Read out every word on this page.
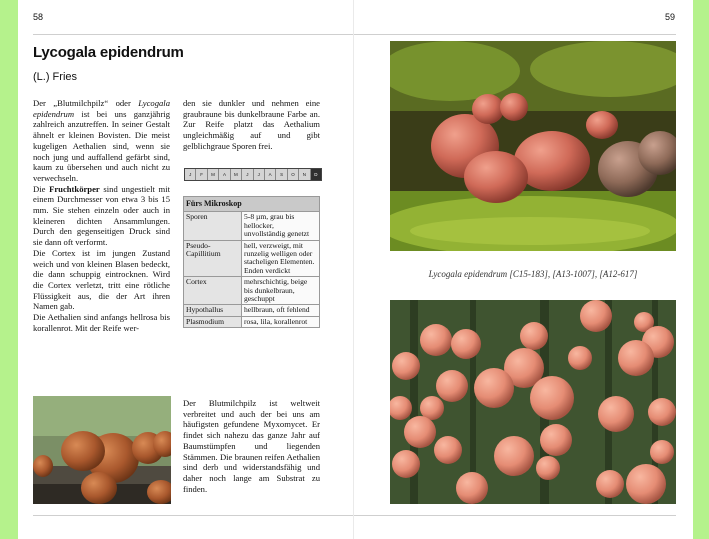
58
Lycogala epidendrum
(L.) Fries

Der „Blutmilchpilz“ oder Lycogala epidendrum ist bei uns ganzjährig zahlreich anzutreffen. In seiner Gestalt ähnelt er kleinen Bovisten. Die meist kugeligen Aethalien sind, wenn sie noch jung und auffallend gefärbt sind, kaum zu übersehen und auch nicht zu verwechseln.

Die Fruchtkörper sind ungestielt mit einem Durchmesser von etwa 3 bis 15 mm. Sie stehen einzeln oder auch in kleineren dichten Ansammlungen. Durch den gegenseitigen Druck sind sie dann oft verformt.

Die Cortex ist im jungen Zustand weich und von kleinen Blasen bedeckt, die dann schuppig eintrocknen. Wird die Cortex verletzt, tritt eine rötliche Flüssigkeit aus, die der Art ihren Namen gab.

Die Aethalien sind anfangs hellrosa bis korallenrot. Mit der Reife wer-

den sie dunkler und nehmen eine graubraune bis dunkelbraune Farbe an. Zur Reife platzt das Aethalium ungleichmäßig auf und gibt gelblichgraue Sporen frei.

J	F	M	A	M	J	J	A	S	O	N	D
Fürs Mikroskop	
Sporen	5-8 µm, grau bis hellocker, unvollständig genetzt
Pseudo-Capillitium	hell, verzweigt, mit runzelig welligen oder stacheligen Elementen. Enden verdickt
Cortex	mehrschichtig, beige bis dunkelbraun, geschuppt
Hypothallus	hellbraun, oft fehlend
Plasmodium	rosa, lila, korallenrot

Der Blutmilchpilz ist weltweit verbreitet und auch der bei uns am häufigsten gefundene Myxomycet. Er findet sich nahezu das ganze Jahr auf Baumstümpfen und liegenden Stämmen. Die braunen reifen Aethalien sind derb und widerstandsfähig und daher noch lange am Substrat zu finden.

59
Lycogala epidendrum [C15-183], [A13-1007], [A12-617]
